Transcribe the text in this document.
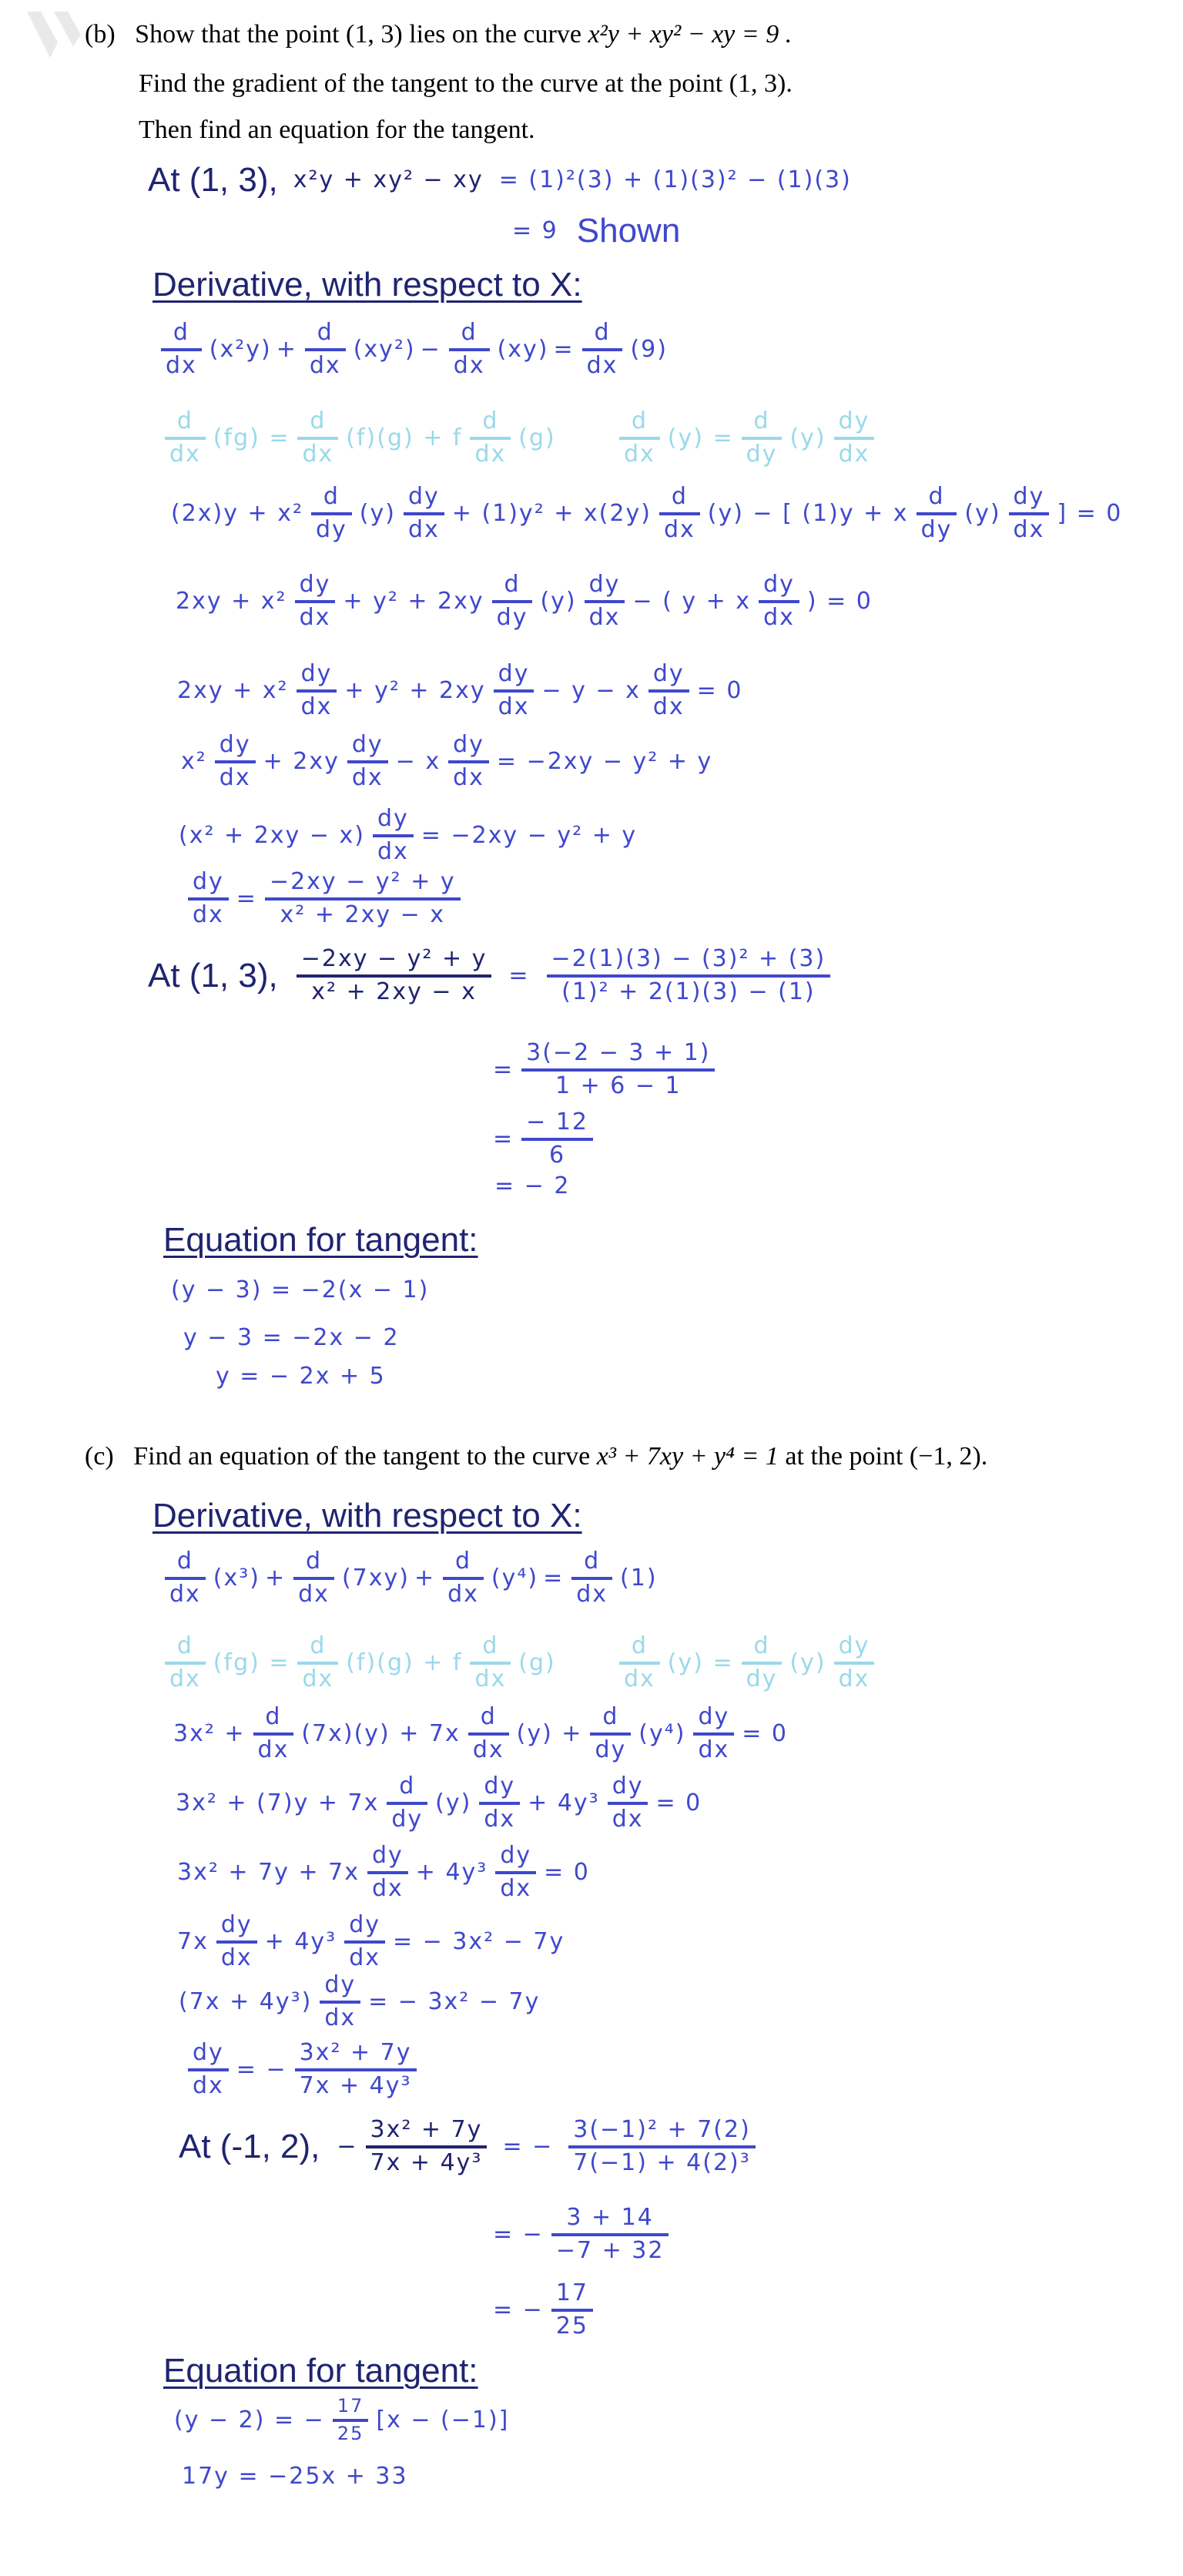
(b) Show that the point (1, 3) lies on the curve x²y + xy² − xy = 9 .
Find the gradient of the tangent to the curve at the point (1, 3).
Then find an equation for the tangent.
At (1, 3), x²y + xy² − xy = (1)²(3) + (1)(3)² − (1)(3)
= 9 Shown
Derivative, with respect to X:
$\frac{d}{dx} (x^2y) + \frac{d}{dx} (xy^2) - \frac{d}{dx} (xy) = \frac{d}{dx} (9)$
$\frac{d}{dx} (fg) = \frac{d}{dx} (f)(g) + f \frac{d}{dx} (g)$	$\frac{d}{dx} (y) = \frac{d}{dy} (y) \frac{dy}{dx}$
$(2x)y + x^2 \frac{d}{dy} (y) \frac{dy}{dx} + (1)y^2 + x(2y) \frac{d}{dx} (y)$ − [ (1)y + x $\frac{d}{dy} (y) \frac{dy}{dx}$ ] = 0
$2xy + x^2 \frac{dy}{dx} + y^2 + 2xy \frac{d}{dy} (y) \frac{dy}{dx}$ − ( y + x $\frac{dy}{dx}$ ) = 0
$2xy + x^2 \frac{dy}{dx} + y^2 + 2xy \frac{dy}{dx} - y - x \frac{dy}{dx} = 0$
$x^2 \frac{dy}{dx} + 2xy \frac{dy}{dx} - x \frac{dy}{dx} = -2xy - y^2 + y$
$(x^2 + 2xy - x) \frac{dy}{dx} = -2xy - y^2 + y$
$\frac{dy}{dx} = \frac{\text{−2xy − y² + y}}{\text{x² + 2xy − x}}$
At (1, 3), $\frac{\text{−2xy − y² + y}}{\text{x² + 2xy − x}} = \frac{\text{−2(1)(3) − (3)² + (3)}}{\text{(1)² + 2(1)(3) − (1)}}$
= $\frac{3(-2 - 3 + 1)}{1 + 6 - 1}$
= $\frac{- 12}{6}$
= − 2
Equation for tangent:
(y − 3) = −2(x − 1)
y − 3 = −2x − 2
y = − 2x + 5
(c) Find an equation of the tangent to the curve x³ + 7xy + y⁴ = 1 at the point (−1, 2).
Derivative, with respect to X:
$\frac{d}{dx} (x^3) + \frac{d}{dx} (7xy) + \frac{d}{dx} (y^4) = \frac{d}{dx} (1)$
$\frac{d}{dx} (fg) = \frac{d}{dx} (f)(g) + f \frac{d}{dx} (g)$	$\frac{d}{dx} (y) = \frac{d}{dy} (y) \frac{dy}{dx}$
$3x^2 + \frac{d}{dx} (7x)(y) + 7x \frac{d}{dx} (y) + \frac{d}{dy} (y^4) \frac{dy}{dx} = 0$
$3x^2 + (7)y + 7x \frac{d}{dy} (y) \frac{dy}{dx} + 4y^3 \frac{dy}{dx} = 0$
$3x^2 + 7y + 7x \frac{dy}{dx} + 4y^3 \frac{dy}{dx} = 0$
$7x \frac{dy}{dx} + 4y^3 \frac{dy}{dx}$ = − 3x² − 7y
$(7x + 4y^3) \frac{dy}{dx}$ = − 3x² − 7y
$\frac{dy}{dx}$ = − $\frac{\text{3x² + 7y}}{\text{7x + 4y³}}$
At (-1, 2), − $\frac{\text{3x² + 7y}}{\text{7x + 4y³}}$ = − $\frac{\text{3(−1)² + 7(2)}}{\text{7(−1) + 4(2)³}}$
= − $\frac{3 + 14}{-7 + 32}$
= − $\frac{17}{25}$
Equation for tangent:
(y − 2) = − $\frac{17}{25} [x - (-1)]$
17y = −25x + 33
